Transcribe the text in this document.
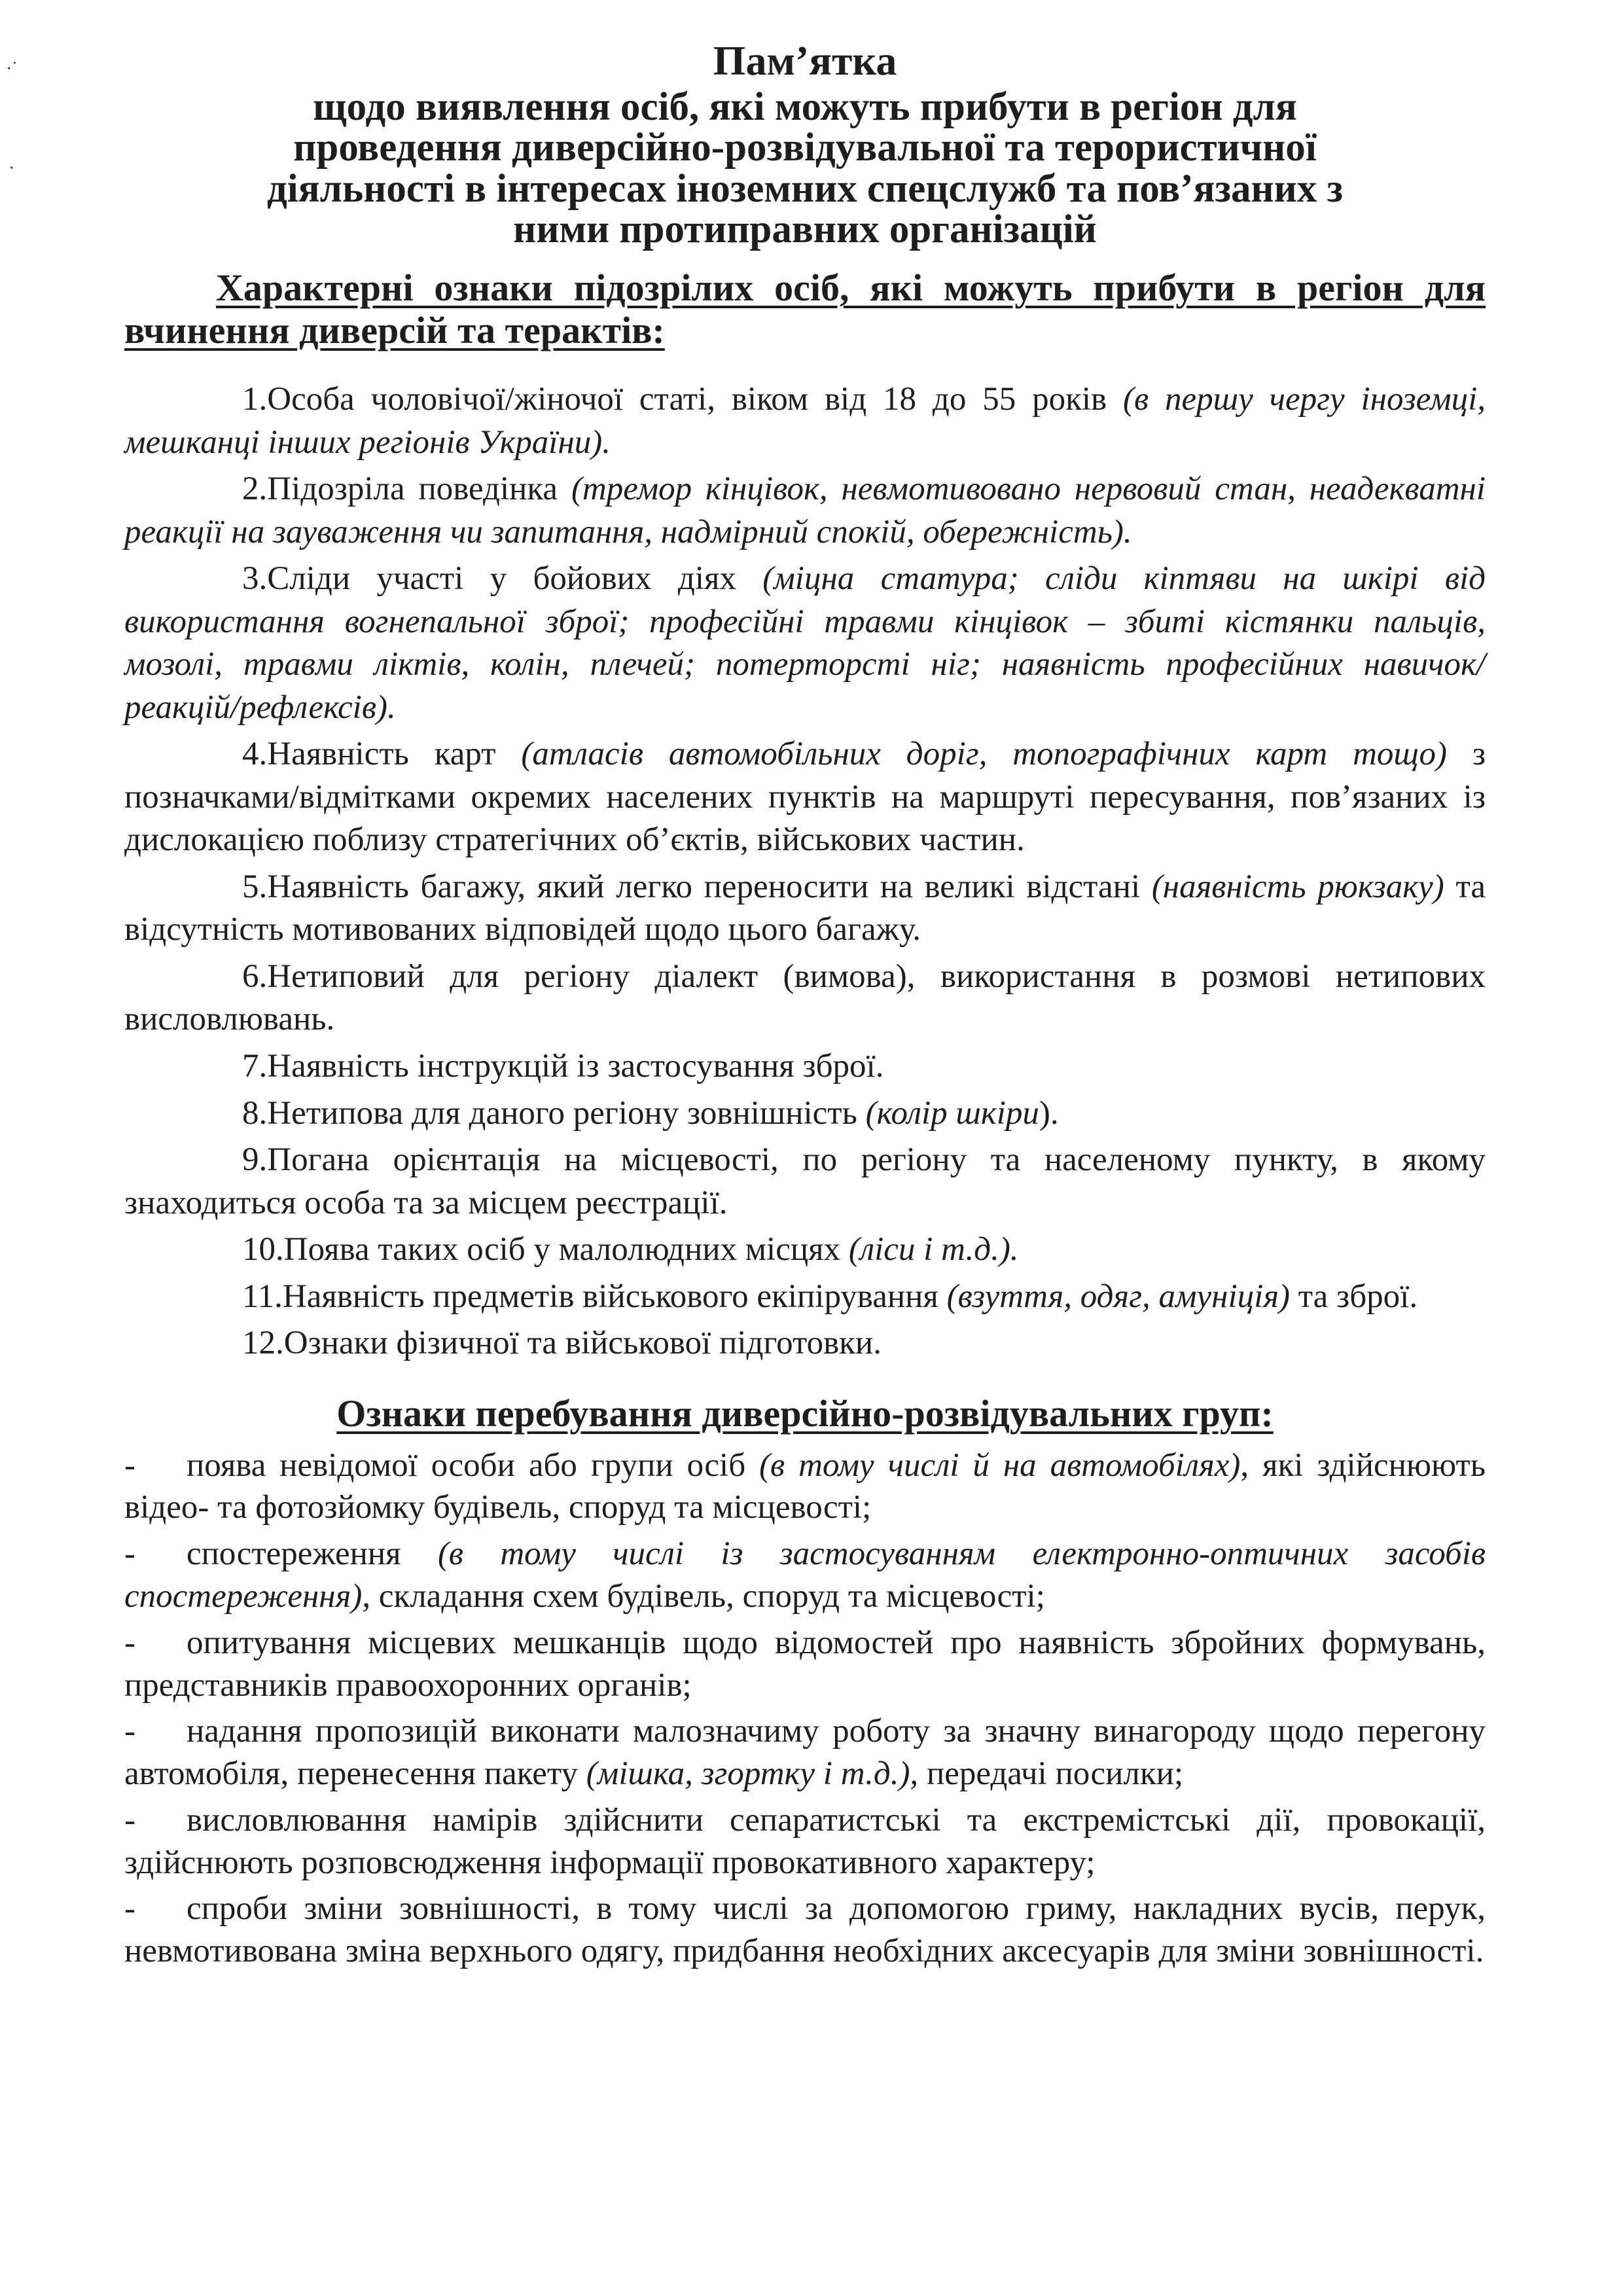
∙˙
∙
Пам’ятка
щодо виявлення осіб, які можуть прибути в регіон для
проведення диверсійно-розвідувальної та терористичної
діяльності в інтересах іноземних спецслужб та пов’язаних з
ними протиправних організацій
Характерні ознаки підозрілих осіб, які можуть прибути в регіон для вчинення диверсій та терактів:
1.Особа чоловічої/жіночої статі, віком від 18 до 55 років (в першу чергу іноземці, мешканці інших регіонів України).
2.Підозріла поведінка (тремор кінцівок, невмотивовано нервовий стан, неадекватні реакції на зауваження чи запитання, надмірний спокій, обережність).
3.Сліди участі у бойових діях (міцна статура; сліди кіптяви на шкірі від використання вогнепальної зброї; професійні травми кінцівок – збиті кістянки пальців, мозолі, травми ліктів, колін, плечей; потерторсті ніг; наявність професійних навичок/реакцій/рефлексів).
4.Наявність карт (атласів автомобільних доріг, топографічних карт тощо) з позначками/відмітками окремих населених пунктів на маршруті пересування, пов’язаних із дислокацією поблизу стратегічних об’єктів, військових частин.
5.Наявність багажу, який легко переносити на великі відстані (наявність рюкзаку) та відсутність мотивованих відповідей щодо цього багажу.
6.Нетиповий для регіону діалект (вимова), використання в розмові нетипових висловлювань.
7.Наявність інструкцій із застосування зброї.
8.Нетипова для даного регіону зовнішність (колір шкіри).
9.Погана орієнтація на місцевості, по регіону та населеному пункту, в якому знаходиться особа та за місцем реєстрації.
10.Поява таких осіб у малолюдних місцях (ліси і т.д.).
11.Наявність предметів військового екіпірування (взуття, одяг, амуніція) та зброї.
12.Ознаки фізичної та військової підготовки.
Ознаки перебування диверсійно-розвідувальних груп:
- поява невідомої особи або групи осіб (в тому числі й на автомобілях), які здійснюють відео- та фотозйомку будівель, споруд та місцевості;
- спостереження (в тому числі із застосуванням електронно-оптичних засобів спостереження), складання схем будівель, споруд та місцевості;
- опитування місцевих мешканців щодо відомостей про наявність збройних формувань, представників правоохоронних органів;
- надання пропозицій виконати малозначиму роботу за значну винагороду щодо перегону автомобіля, перенесення пакету (мішка, згортку і т.д.), передачі посилки;
- висловлювання намірів здійснити сепаратистські та екстремістські дії, провокації, здійснюють розповсюдження інформації провокативного характеру;
- спроби зміни зовнішності, в тому числі за допомогою гриму, накладних вусів, перук, невмотивована зміна верхнього одягу, придбання необхідних аксесуарів для зміни зовнішності.
